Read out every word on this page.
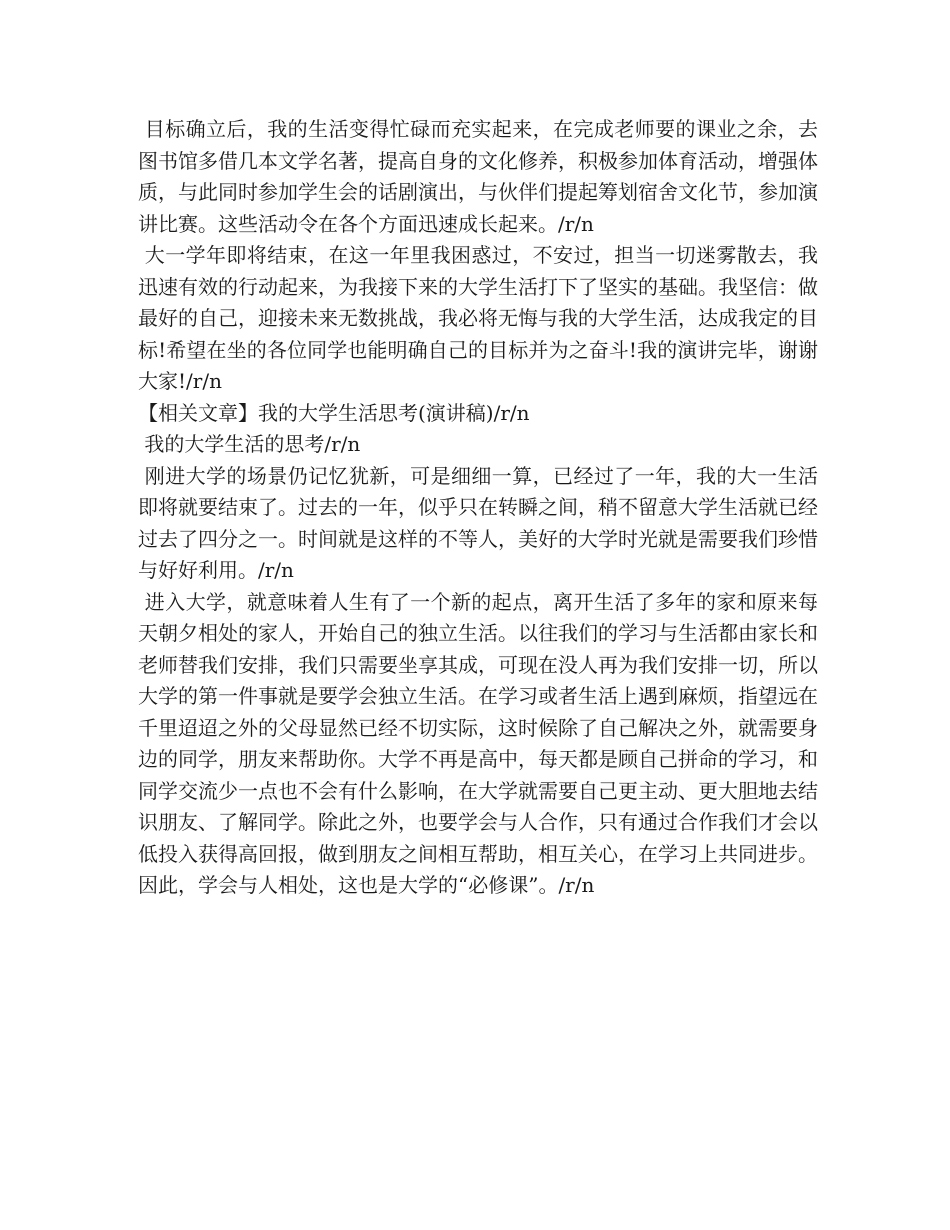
目标确立后，我的生活变得忙碌而充实起来，在完成老师要的课业之余，去图书馆多借几本文学名著，提高自身的文化修养，积极参加体育活动，增强体质，与此同时参加学生会的话剧演出，与伙伴们提起筹划宿舍文化节，参加演讲比赛。这些活动令在各个方面迅速成长起来。/r/n

大一学年即将结束，在这一年里我困惑过，不安过，担当一切迷雾散去，我迅速有效的行动起来，为我接下来的大学生活打下了坚实的基础。我坚信：做最好的自己，迎接未来无数挑战，我必将无悔与我的大学生活，达成我定的目标!希望在坐的各位同学也能明确自己的目标并为之奋斗!我的演讲完毕，谢谢大家!/r/n

【相关文章】我的大学生活思考(演讲稿)/r/n

我的大学生活的思考/r/n

刚进大学的场景仍记忆犹新，可是细细一算，已经过了一年，我的大一生活即将就要结束了。过去的一年，似乎只在转瞬之间，稍不留意大学生活就已经过去了四分之一。时间就是这样的不等人，美好的大学时光就是需要我们珍惜与好好利用。/r/n

进入大学，就意味着人生有了一个新的起点，离开生活了多年的家和原来每天朝夕相处的家人，开始自己的独立生活。以往我们的学习与生活都由家长和老师替我们安排，我们只需要坐享其成，可现在没人再为我们安排一切，所以大学的第一件事就是要学会独立生活。在学习或者生活上遇到麻烦，指望远在千里迢迢之外的父母显然已经不切实际，这时候除了自己解决之外，就需要身边的同学，朋友来帮助你。大学不再是高中，每天都是顾自己拼命的学习，和同学交流少一点也不会有什么影响，在大学就需要自己更主动、更大胆地去结识朋友、了解同学。除此之外，也要学会与人合作，只有通过合作我们才会以低投入获得高回报，做到朋友之间相互帮助，相互关心，在学习上共同进步。因此，学会与人相处，这也是大学的“必修课”。/r/n
